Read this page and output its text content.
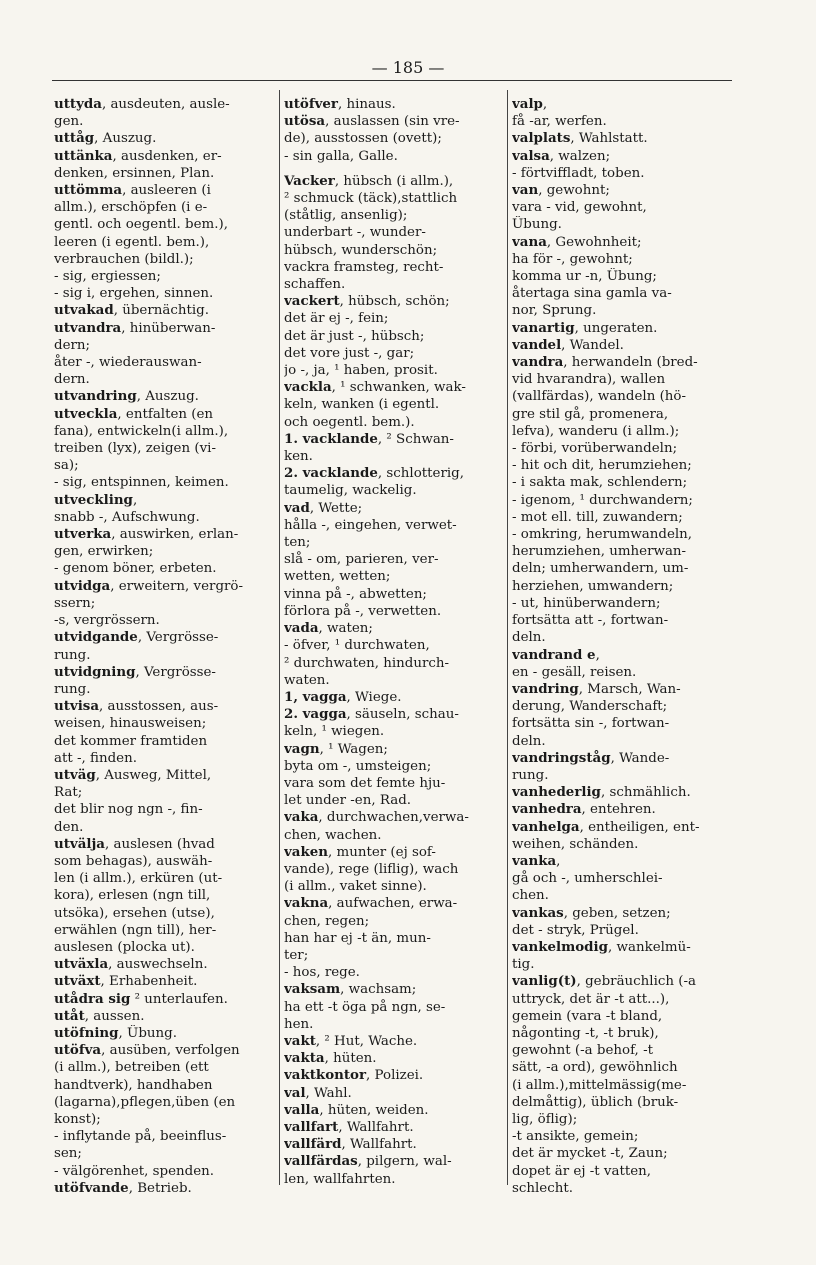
— 185 —
uttyda, ausdeuten, ausle-
gen.
uttåg, Auszug.
uttänka, ausdenken, er-
denken, ersinnen, Plan.
uttömma, ausleeren (i
allm.), erschöpfen (i e-
gentl. och oegentl. bem.),
leeren (i egentl. bem.),
verbrauchen (bildl.);
- sig, ergiessen;
- sig i, ergehen, sinnen.
utvakad, übernächtig.
utvandra, hinüberwan-
dern;
åter -, wiederauswan-
dern.
utvandring, Auszug.
utveckla, entfalten (en
fana), entwickeln(i allm.),
treiben (lyx), zeigen (vi-
sa);
- sig, entspinnen, keimen.
utveckling,
snabb -, Aufschwung.
utverka, auswirken, erlan-
gen, erwirken;
- genom böner, erbeten.
utvidga, erweitern, vergrö-
ssern;
-s, vergrössern.
utvidgande, Vergrösse-
rung.
utvidgning, Vergrösse-
rung.
utvisa, ausstossen, aus-
weisen, hinausweisen;
det kommer framtiden
att -, finden.
utväg, Ausweg, Mittel,
Rat;
det blir nog ngn -, fin-
den.
utvälja, auslesen (hvad
som behagas), auswäh-
len (i allm.), erküren (ut-
kora), erlesen (ngn till,
utsöka), ersehen (utse),
erwählen (ngn till), her-
auslesen (plocka ut).
utväxla, auswechseln.
utväxt, Erhabenheit.
utådra sig ² unterlaufen.
utåt, aussen.
utöfning, Übung.
utöfva, ausüben, verfolgen
(i allm.), betreiben (ett
handtverk), handhaben
(lagarna),pflegen,üben (en
konst);
- inflytande på, beeinflus-
sen;
- välgörenhet, spenden.
utöfvande, Betrieb.
utöfver, hinaus.
utösa, auslassen (sin vre-
de), ausstossen (ovett);
- sin galla, Galle.
Vacker, hübsch (i allm.),
² schmuck (täck),stattlich
(ståtlig, ansenlig);
underbart -, wunder-
hübsch, wunderschön;
vackra framsteg, recht-
schaffen.
vackert, hübsch, schön;
det är ej -, fein;
det är just -, hübsch;
det vore just -, gar;
jo -, ja, ¹ haben, prosit.
vackla, ¹ schwanken, wak-
keln, wanken (i egentl.
och oegentl. bem.).
1. vacklande, ² Schwan-
ken.
2. vacklande, schlotterig,
taumelig, wackelig.
vad, Wette;
hålla -, eingehen, verwet-
ten;
slå - om, parieren, ver-
wetten, wetten;
vinna på -, abwetten;
förlora på -, verwetten.
vada, waten;
- öfver, ¹ durchwaten,
² durchwaten, hindurch-
waten.
1, vagga, Wiege.
2. vagga, säuseln, schau-
keln, ¹ wiegen.
vagn, ¹ Wagen;
byta om -, umsteigen;
vara som det femte hju-
let under -en, Rad.
vaka, durchwachen,verwa-
chen, wachen.
vaken, munter (ej sof-
vande), rege (liflig), wach
(i allm., vaket sinne).
vakna, aufwachen, erwa-
chen, regen;
han har ej -t än, mun-
ter;
- hos, rege.
vaksam, wachsam;
ha ett -t öga på ngn, se-
hen.
vakt, ² Hut, Wache.
vakta, hüten.
vaktkontor, Polizei.
val, Wahl.
valla, hüten, weiden.
vallfart, Wallfahrt.
vallfärd, Wallfahrt.
vallfärdas, pilgern, wal-
len, wallfahrten.
valp,
få -ar, werfen.
valplats, Wahlstatt.
valsa, walzen;
- förtviffladt, toben.
van, gewohnt;
vara - vid, gewohnt,
Übung.
vana, Gewohnheit;
ha för -, gewohnt;
komma ur -n, Übung;
återtaga sina gamla va-
nor, Sprung.
vanartig, ungeraten.
vandel, Wandel.
vandra, herwandeln (bred-
vid hvarandra), wallen
(vallfärdas), wandeln (hö-
gre stil gå, promenera,
lefva), wanderu (i allm.);
- förbi, vorüberwandeln;
- hit och dit, herumziehen;
- i sakta mak, schlendern;
- igenom, ¹ durchwandern;
- mot ell. till, zuwandern;
- omkring, herumwandeln,
herumziehen, umherwan-
deln; umherwandern, um-
herziehen, umwandern;
- ut, hinüberwandern;
fortsätta att -, fortwan-
deln.
vandrand e,
en - gesäll, reisen.
vandring, Marsch, Wan-
derung, Wanderschaft;
fortsätta sin -, fortwan-
deln.
vandringståg, Wande-
rung.
vanhederlig, schmählich.
vanhedra, entehren.
vanhelga, entheiligen, ent-
weihen, schänden.
vanka,
gå och -, umherschlei-
chen.
vankas, geben, setzen;
det - stryk, Prügel.
vankelmodig, wankelmü-
tig.
vanlig(t), gebräuchlich (-a
uttryck, det är -t att...),
gemein (vara -t bland,
någonting -t, -t bruk),
gewohnt (-a behof, -t
sätt, -a ord), gewöhnlich
(i allm.),mittelmässig(me-
delmåttig), üblich (bruk-
lig, öflig);
-t ansikte, gemein;
det är mycket -t, Zaun;
dopet är ej -t vatten,
schlecht.
